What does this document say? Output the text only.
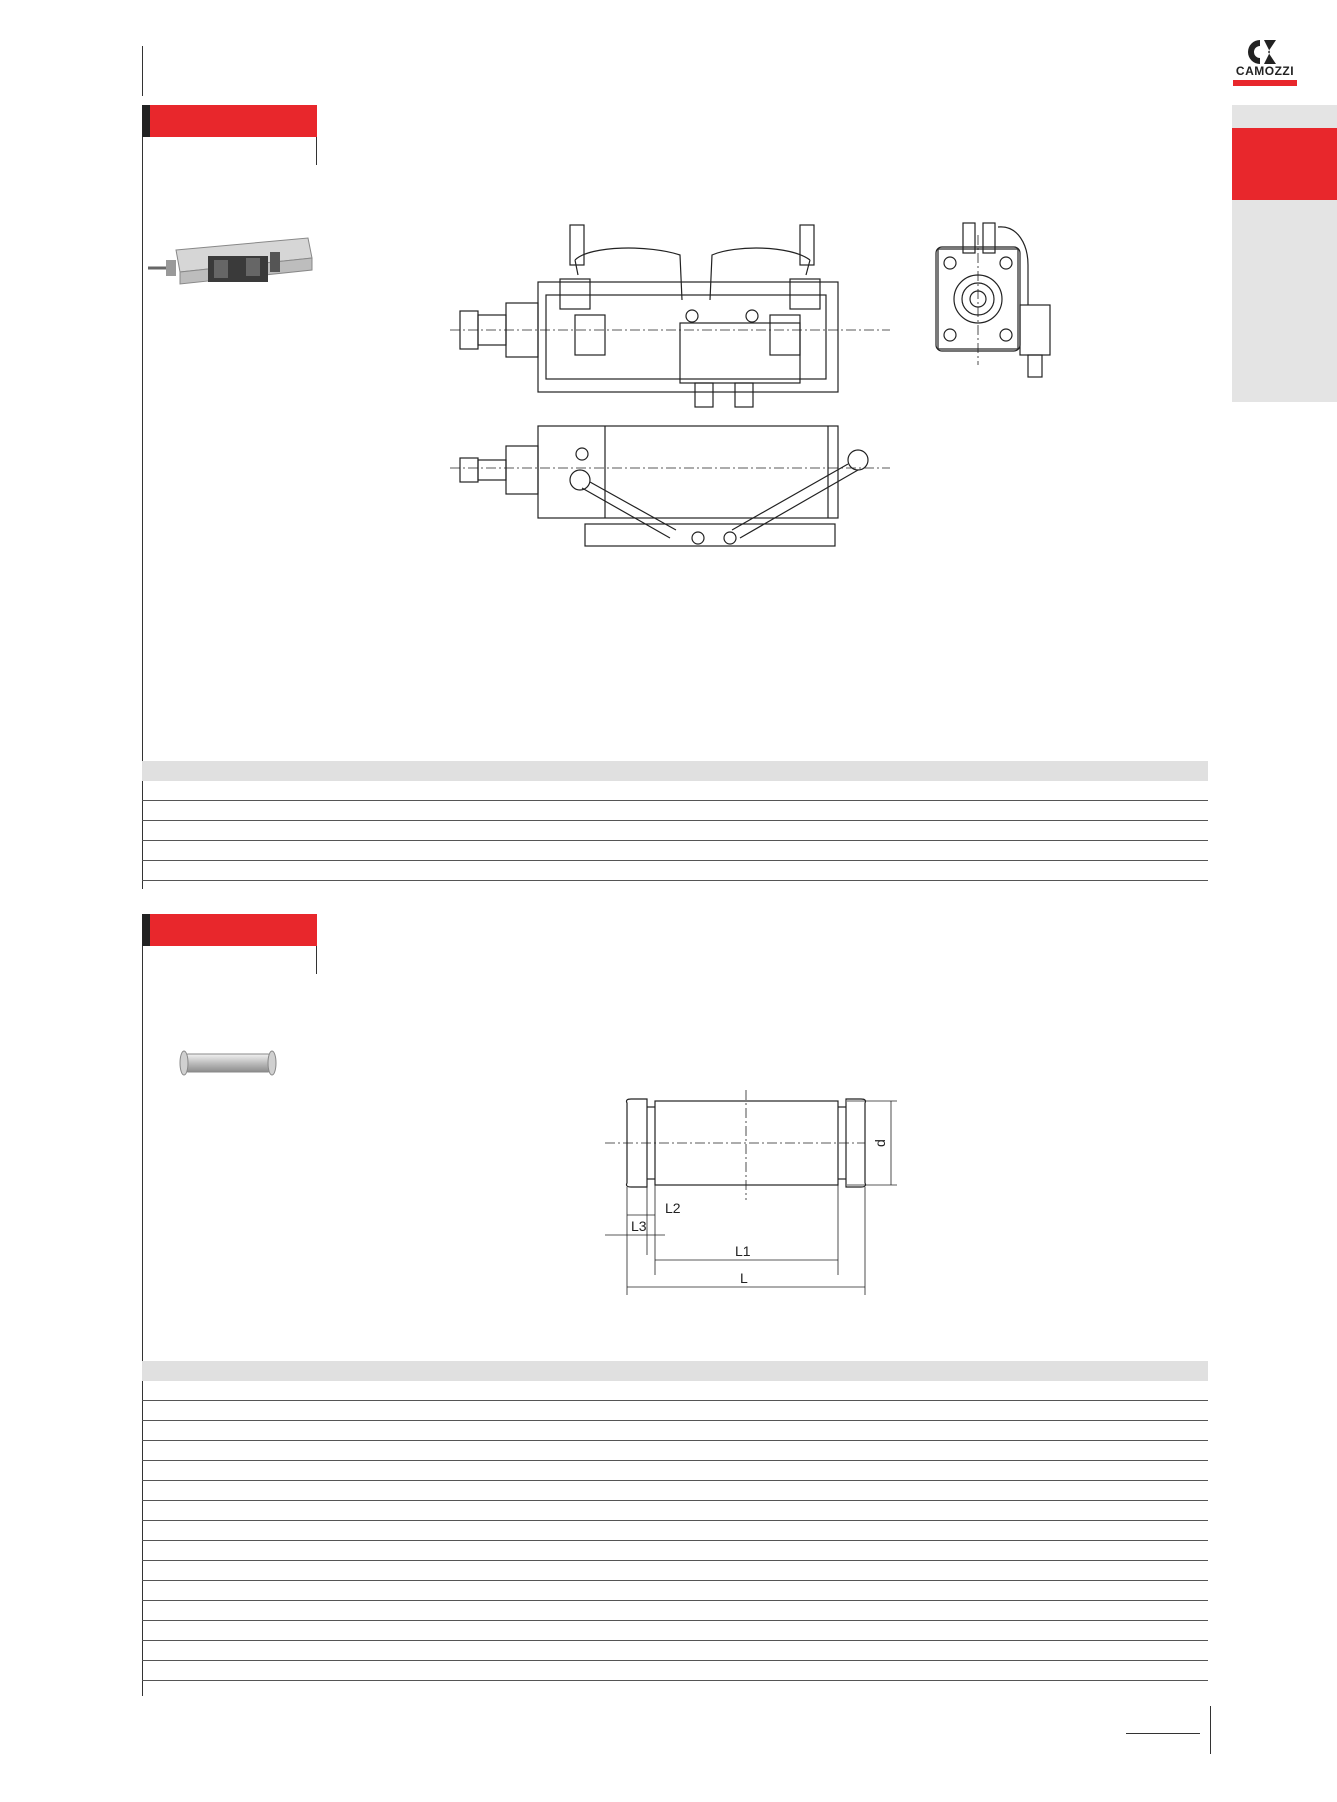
CAMOZZI
d
L2
L3
L1
L
